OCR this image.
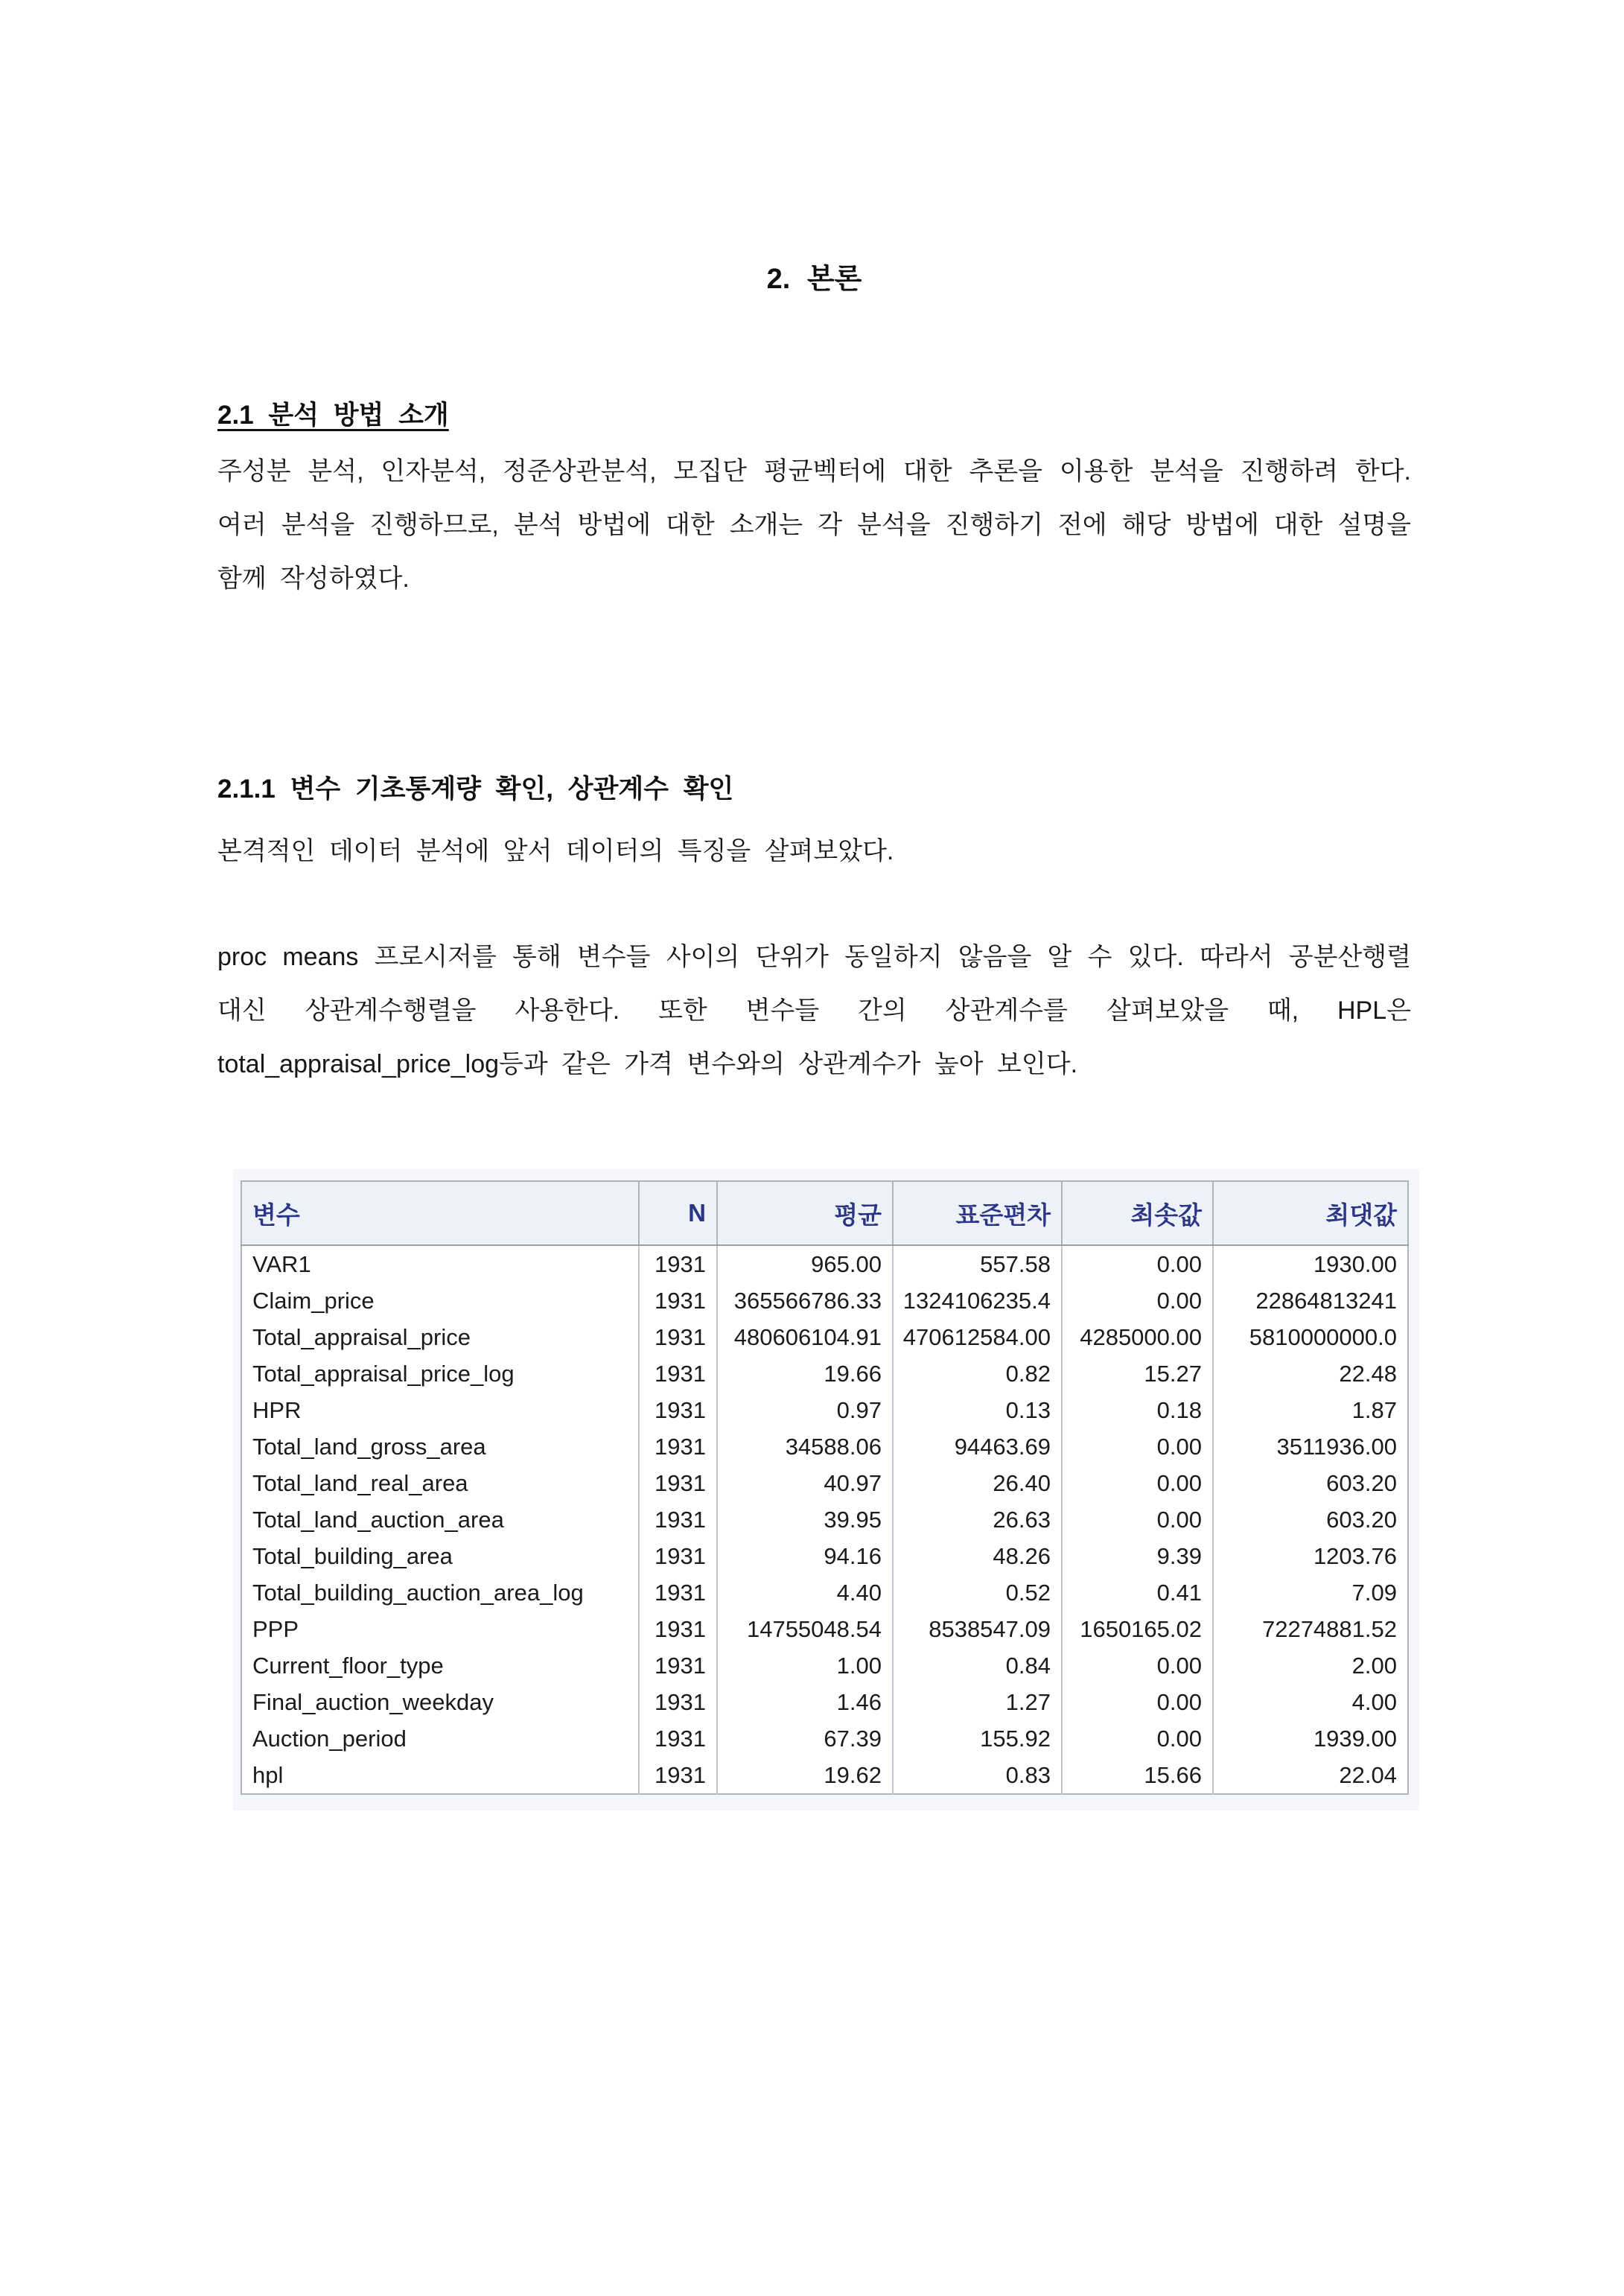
2. 본론
2.1 분석 방법 소개

주성분 분석, 인자분석, 정준상관분석, 모집단 평균벡터에 대한 추론을 이용한 분석을 진행하려 한다. 여러 분석을 진행하므로, 분석 방법에 대한 소개는 각 분석을 진행하기 전에 해당 방법에 대한 설명을 함께 작성하였다.

2.1.1 변수 기초통계량 확인, 상관계수 확인

본격적인 데이터 분석에 앞서 데이터의 특징을 살펴보았다.

proc means 프로시저를 통해 변수들 사이의 단위가 동일하지 않음을 알 수 있다. 따라서 공분산행렬 대신 상관계수행렬을 사용한다. 또한 변수들 간의 상관계수를 살펴보았을 때, HPL은 total_appraisal_price_log등과 같은 가격 변수와의 상관계수가 높아 보인다.

변수	N	평균	표준편차	최솟값	최댓값
VAR1	1931	965.00	557.58	0.00	1930.00
Claim_price	1931	365566786.33	1324106235.4	0.00	22864813241
Total_appraisal_price	1931	480606104.91	470612584.00	4285000.00	5810000000.0
Total_appraisal_price_log	1931	19.66	0.82	15.27	22.48
HPR	1931	0.97	0.13	0.18	1.87
Total_land_gross_area	1931	34588.06	94463.69	0.00	3511936.00
Total_land_real_area	1931	40.97	26.40	0.00	603.20
Total_land_auction_area	1931	39.95	26.63	0.00	603.20
Total_building_area	1931	94.16	48.26	9.39	1203.76
Total_building_auction_area_log	1931	4.40	0.52	0.41	7.09
PPP	1931	14755048.54	8538547.09	1650165.02	72274881.52
Current_floor_type	1931	1.00	0.84	0.00	2.00
Final_auction_weekday	1931	1.46	1.27	0.00	4.00
Auction_period	1931	67.39	155.92	0.00	1939.00
hpl	1931	19.62	0.83	15.66	22.04
